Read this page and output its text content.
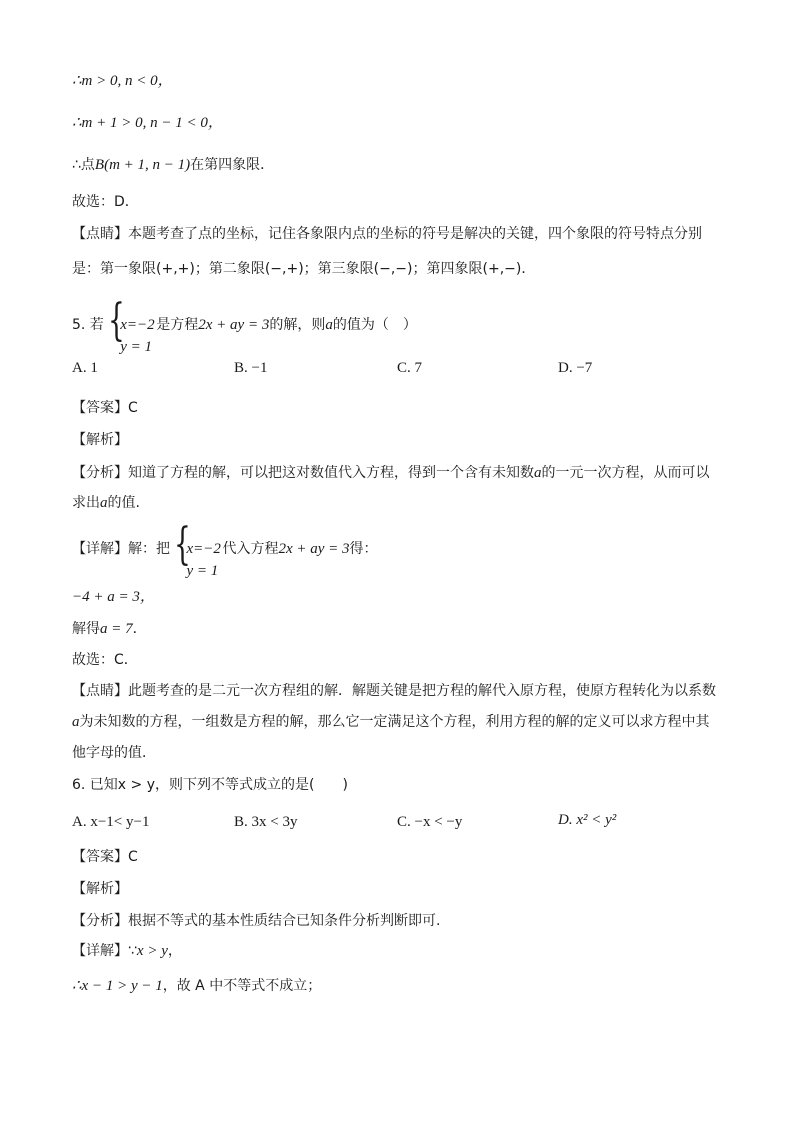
∴m > 0, n < 0，
∴m + 1 > 0, n − 1 < 0，
∴点B(m + 1, n − 1)在第四象限．
故选：D．
【点睛】本题考查了点的坐标，记住各象限内点的坐标的符号是解决的关键，四个象限的符号特点分别
是：第一象限(+,+)；第二象限(−,+)；第三象限(−,−)；第四象限(+,−)．
5. 若 {
x=−2
y = 1
是方程2x + ay = 3的解，则a的值为（　）
A. 1	B. −1	C. 7	D. −7
【答案】C
【解析】
【分析】知道了方程的解，可以把这对数值代入方程，得到一个含有未知数a的一元一次方程，从而可以
求出a的值.
【详解】解：把 {
x=−2
y = 1
代入方程2x + ay = 3得：
−4 + a = 3，
解得a = 7．
故选：C．
【点睛】此题考查的是二元一次方程组的解．解题关键是把方程的解代入原方程，使原方程转化为以系数
a为未知数的方程，一组数是方程的解，那么它一定满足这个方程，利用方程的解的定义可以求方程中其
他字母的值．
6. 已知x > y，则下列不等式成立的是(　　)
A. x−1< y−1	B. 3x < 3y	C. −x < −y	D. x² < y²
【答案】C
【解析】
【分析】根据不等式的基本性质结合已知条件分析判断即可.
【详解】∵x > y，
∴x − 1 > y − 1，故 A 中不等式不成立；
